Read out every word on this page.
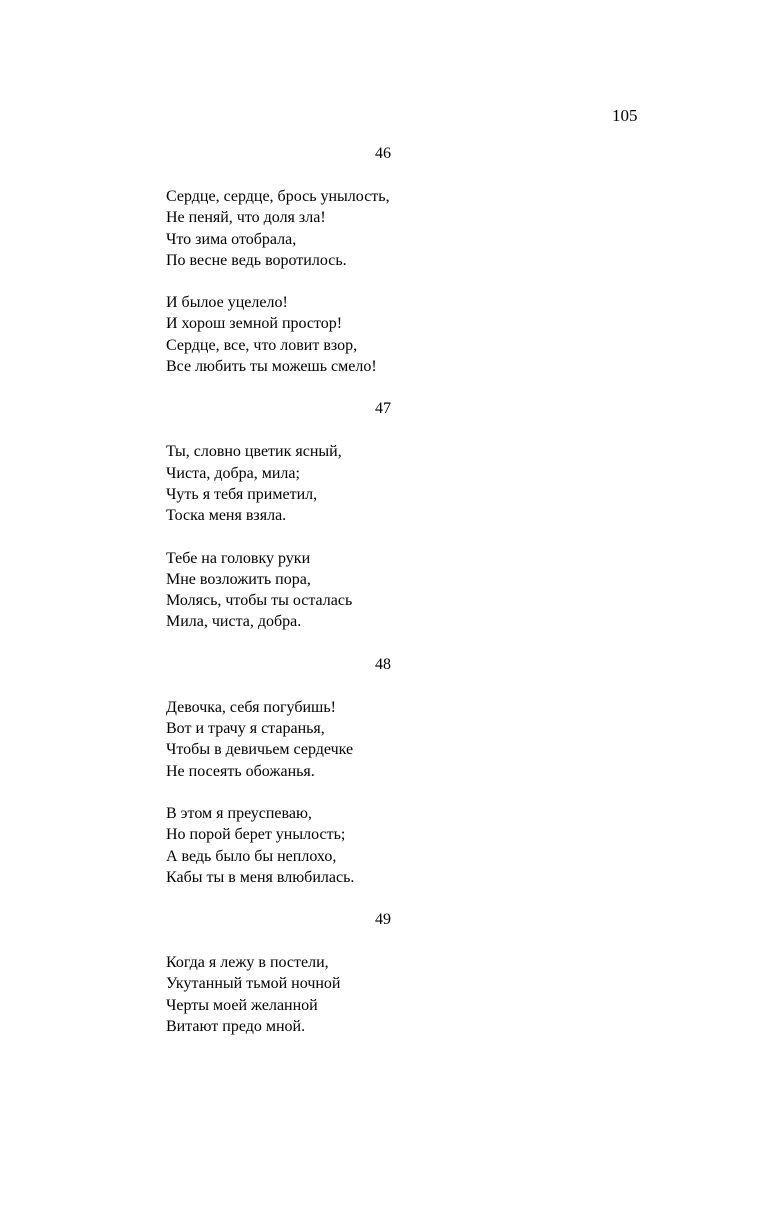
105
46
Сердце, сердце, брось унылость,
Не пеняй, что доля зла!
Что зима отобрала,
По весне ведь воротилось.
И былое уцелело!
И хорош земной простор!
Сердце, все, что ловит взор,
Все любить ты можешь смело!
47
Ты, словно цветик ясный,
Чиста, добра, мила;
Чуть я тебя приметил,
Тоска меня взяла.
Тебе на головку руки
Мне возложить пора,
Молясь, чтобы ты осталась
Мила, чиста, добра.
48
Девочка, себя погубишь!
Вот и трачу я старанья,
Чтобы в девичьем сердечке
Не посеять обожанья.
В этом я преуспеваю,
Но порой берет унылость;
А ведь было бы неплохо,
Кабы ты в меня влюбилась.
49
Когда я лежу в постели,
Укутанный тьмой ночной
Черты моей желанной
Витают предо мной.
